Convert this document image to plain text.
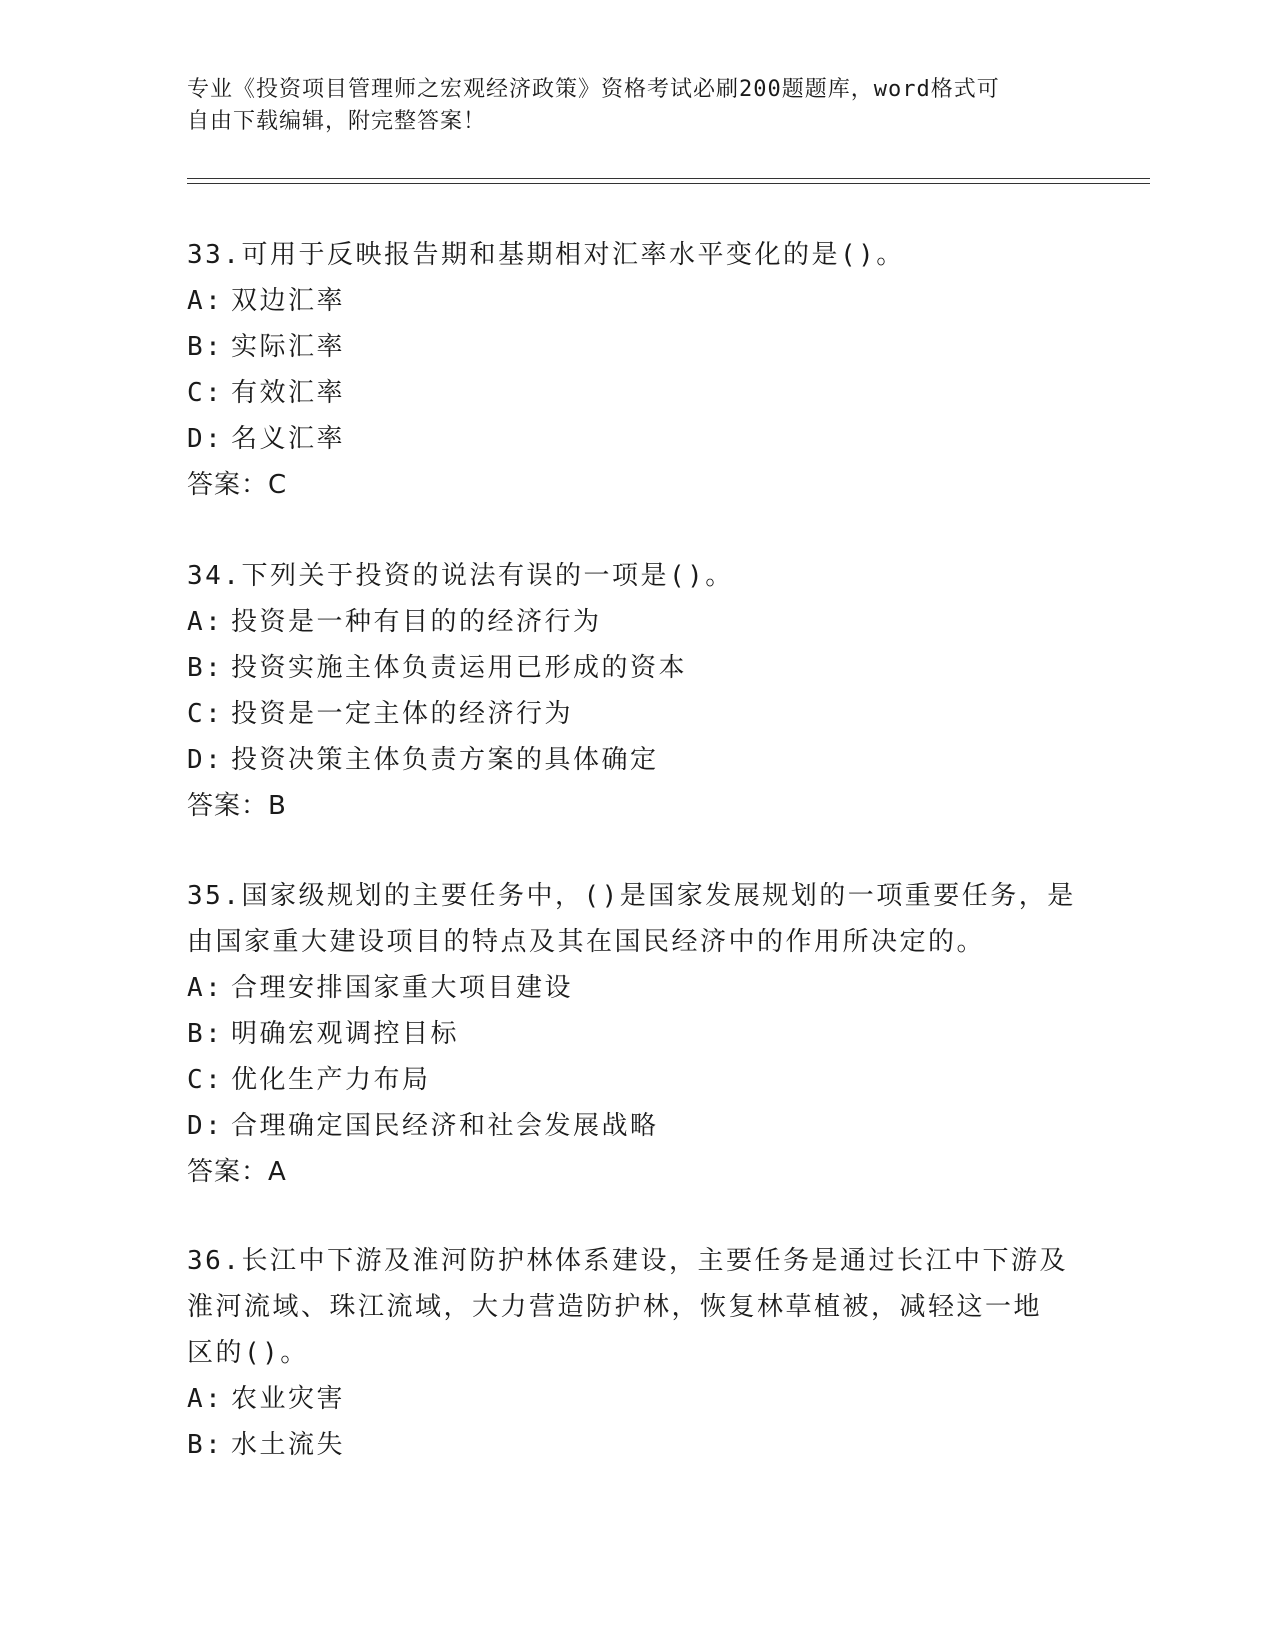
专业《投资项目管理师之宏观经济政策》资格考试必刷200题题库，word格式可
自由下载编辑，附完整答案！

33.可用于反映报告期和基期相对汇率水平变化的是()。

A: 双边汇率

B: 实际汇率

C: 有效汇率

D: 名义汇率

答案：C

34.下列关于投资的说法有误的一项是()。

A: 投资是一种有目的的经济行为

B: 投资实施主体负责运用已形成的资本

C: 投资是一定主体的经济行为

D: 投资决策主体负责方案的具体确定

答案：B

35.国家级规划的主要任务中，()是国家发展规划的一项重要任务，是

由国家重大建设项目的特点及其在国民经济中的作用所决定的。

A: 合理安排国家重大项目建设

B: 明确宏观调控目标

C: 优化生产力布局

D: 合理确定国民经济和社会发展战略

答案：A

36.长江中下游及淮河防护林体系建设，主要任务是通过长江中下游及

淮河流域、珠江流域，大力营造防护林，恢复林草植被，减轻这一地

区的()。

A: 农业灾害

B: 水土流失
